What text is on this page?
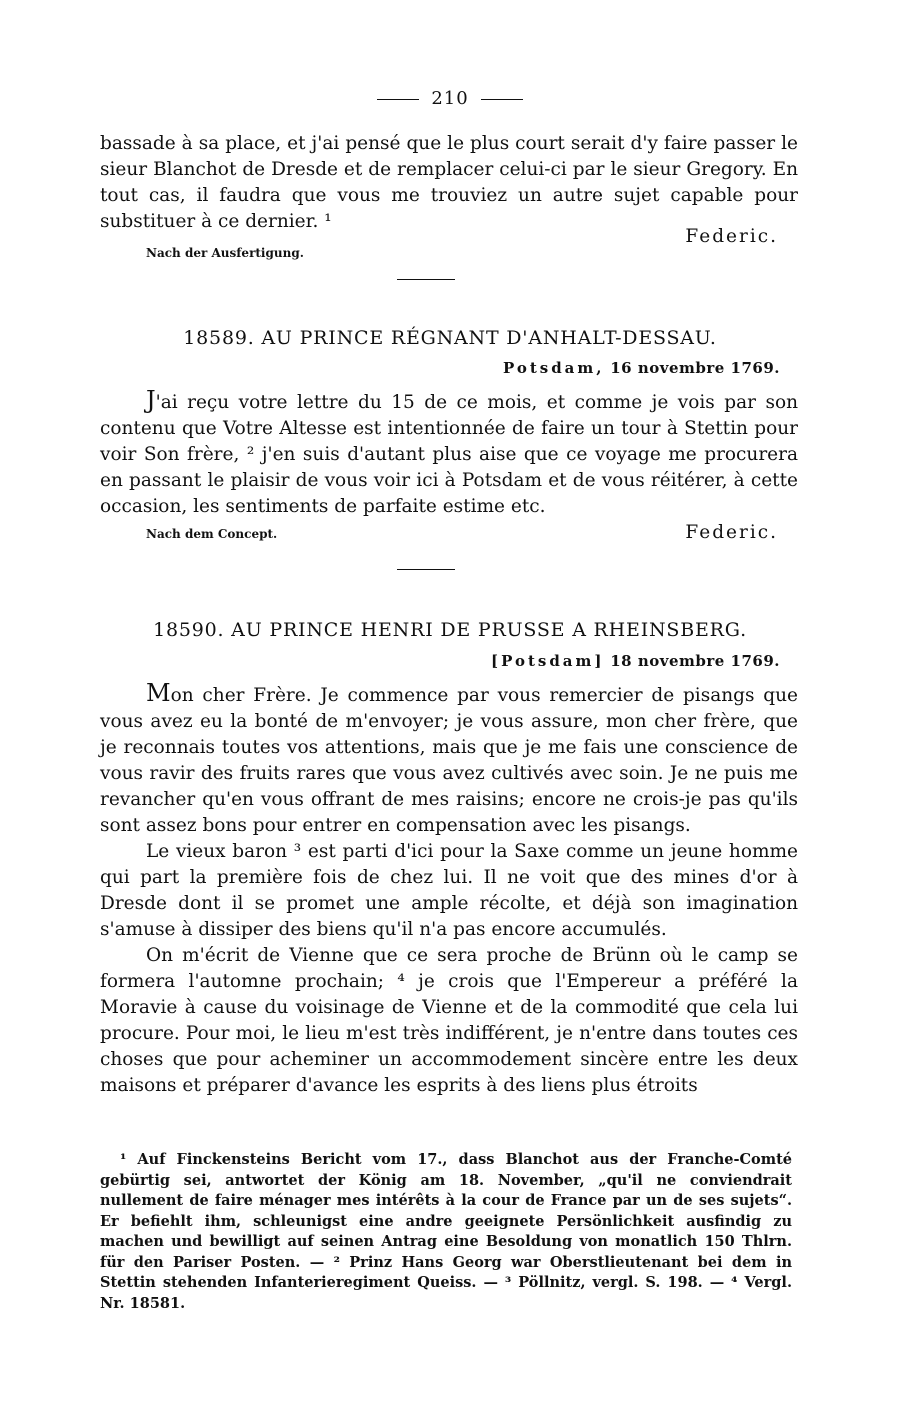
210

bassade à sa place, et j'ai pensé que le plus court serait d'y faire passer le sieur Blanchot de Dresde et de remplacer celui-ci par le sieur Gregory. En tout cas, il faudra que vous me trouviez un autre sujet capable pour substituer à ce dernier. ¹

Federic.
Nach der Ausfertigung.
18589. AU PRINCE RÉGNANT D'ANHALT-DESSAU.
Potsdam, 16 novembre 1769.

J'ai reçu votre lettre du 15 de ce mois, et comme je vois par son contenu que Votre Altesse est intentionnée de faire un tour à Stettin pour voir Son frère, ² j'en suis d'autant plus aise que ce voyage me procurera en passant le plaisir de vous voir ici à Potsdam et de vous réitérer, à cette occasion, les sentiments de parfaite estime etc.

Nach dem Concept.	Federic.
18590. AU PRINCE HENRI DE PRUSSE A RHEINSBERG.
[Potsdam] 18 novembre 1769.

Mon cher Frère. Je commence par vous remercier de pisangs que vous avez eu la bonté de m'envoyer; je vous assure, mon cher frère, que je reconnais toutes vos attentions, mais que je me fais une conscience de vous ravir des fruits rares que vous avez cultivés avec soin. Je ne puis me revancher qu'en vous offrant de mes raisins; encore ne crois-je pas qu'ils sont assez bons pour entrer en compensation avec les pisangs.

Le vieux baron ³ est parti d'ici pour la Saxe comme un jeune homme qui part la première fois de chez lui. Il ne voit que des mines d'or à Dresde dont il se promet une ample récolte, et déjà son imagination s'amuse à dissiper des biens qu'il n'a pas encore accumulés.

On m'écrit de Vienne que ce sera proche de Brünn où le camp se formera l'automne prochain; ⁴ je crois que l'Empereur a préféré la Moravie à cause du voisinage de Vienne et de la commodité que cela lui procure. Pour moi, le lieu m'est très indifférent, je n'entre dans toutes ces choses que pour acheminer un accommodement sincère entre les deux maisons et préparer d'avance les esprits à des liens plus étroits

¹ Auf Finckensteins Bericht vom 17., dass Blanchot aus der Franche-Comté gebürtig sei, antwortet der König am 18. November, „qu'il ne conviendrait nullement de faire ménager mes intérêts à la cour de France par un de ses sujets“. Er befiehlt ihm, schleunigst eine andre geeignete Persönlichkeit ausfindig zu machen und bewilligt auf seinen Antrag eine Besoldung von monatlich 150 Thlrn. für den Pariser Posten. — ² Prinz Hans Georg war Oberstlieutenant bei dem in Stettin stehenden Infanterieregiment Queiss. — ³ Pöllnitz, vergl. S. 198. — ⁴ Vergl. Nr. 18581.
